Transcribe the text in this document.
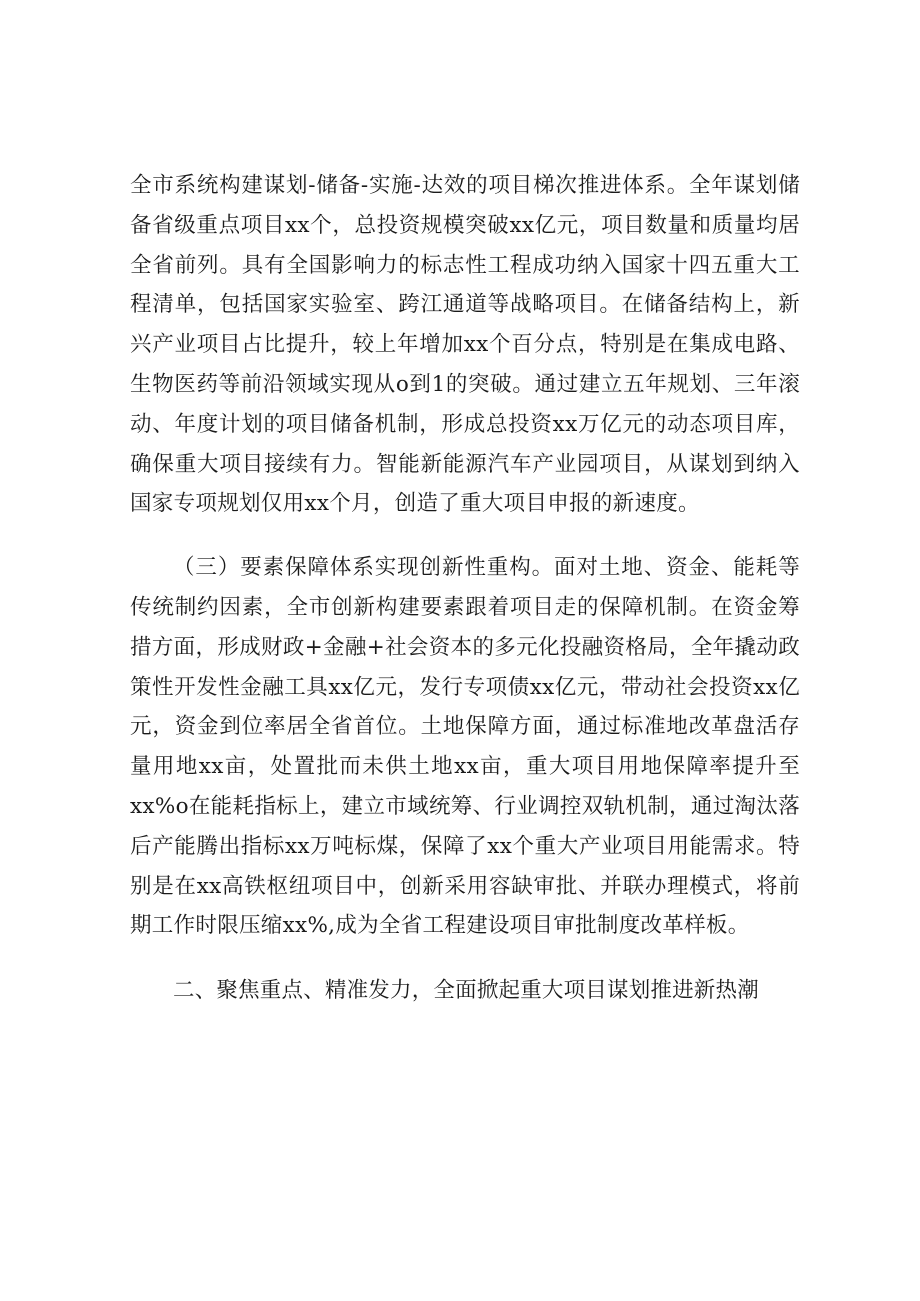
全市系统构建谋划-储备-实施-达效的项目梯次推进体系。全年谋划储备省级重点项目xx个，总投资规模突破xx亿元，项目数量和质量均居全省前列。具有全国影响力的标志性工程成功纳入国家十四五重大工程清单，包括国家实验室、跨江通道等战略项目。在储备结构上，新兴产业项目占比提升，较上年增加xx个百分点，特别是在集成电路、生物医药等前沿领域实现从o到1的突破。通过建立五年规划、三年滚动、年度计划的项目储备机制，形成总投资xx万亿元的动态项目库，确保重大项目接续有力。智能新能源汽车产业园项目，从谋划到纳入国家专项规划仅用xx个月，创造了重大项目申报的新速度。

（三）要素保障体系实现创新性重构。面对土地、资金、能耗等传统制约因素，全市创新构建要素跟着项目走的保障机制。在资金筹措方面，形成财政+金融+社会资本的多元化投融资格局，全年撬动政策性开发性金融工具xx亿元，发行专项债xx亿元，带动社会投资xx亿元，资金到位率居全省首位。土地保障方面，通过标准地改革盘活存量用地xx亩，处置批而未供土地xx亩，重大项目用地保障率提升至xx%o在能耗指标上，建立市域统筹、行业调控双轨机制，通过淘汰落后产能腾出指标xx万吨标煤，保障了xx个重大产业项目用能需求。特别是在xx高铁枢纽项目中，创新采用容缺审批、并联办理模式，将前期工作时限压缩xx%,成为全省工程建设项目审批制度改革样板。

二、聚焦重点、精准发力，全面掀起重大项目谋划推进新热潮
